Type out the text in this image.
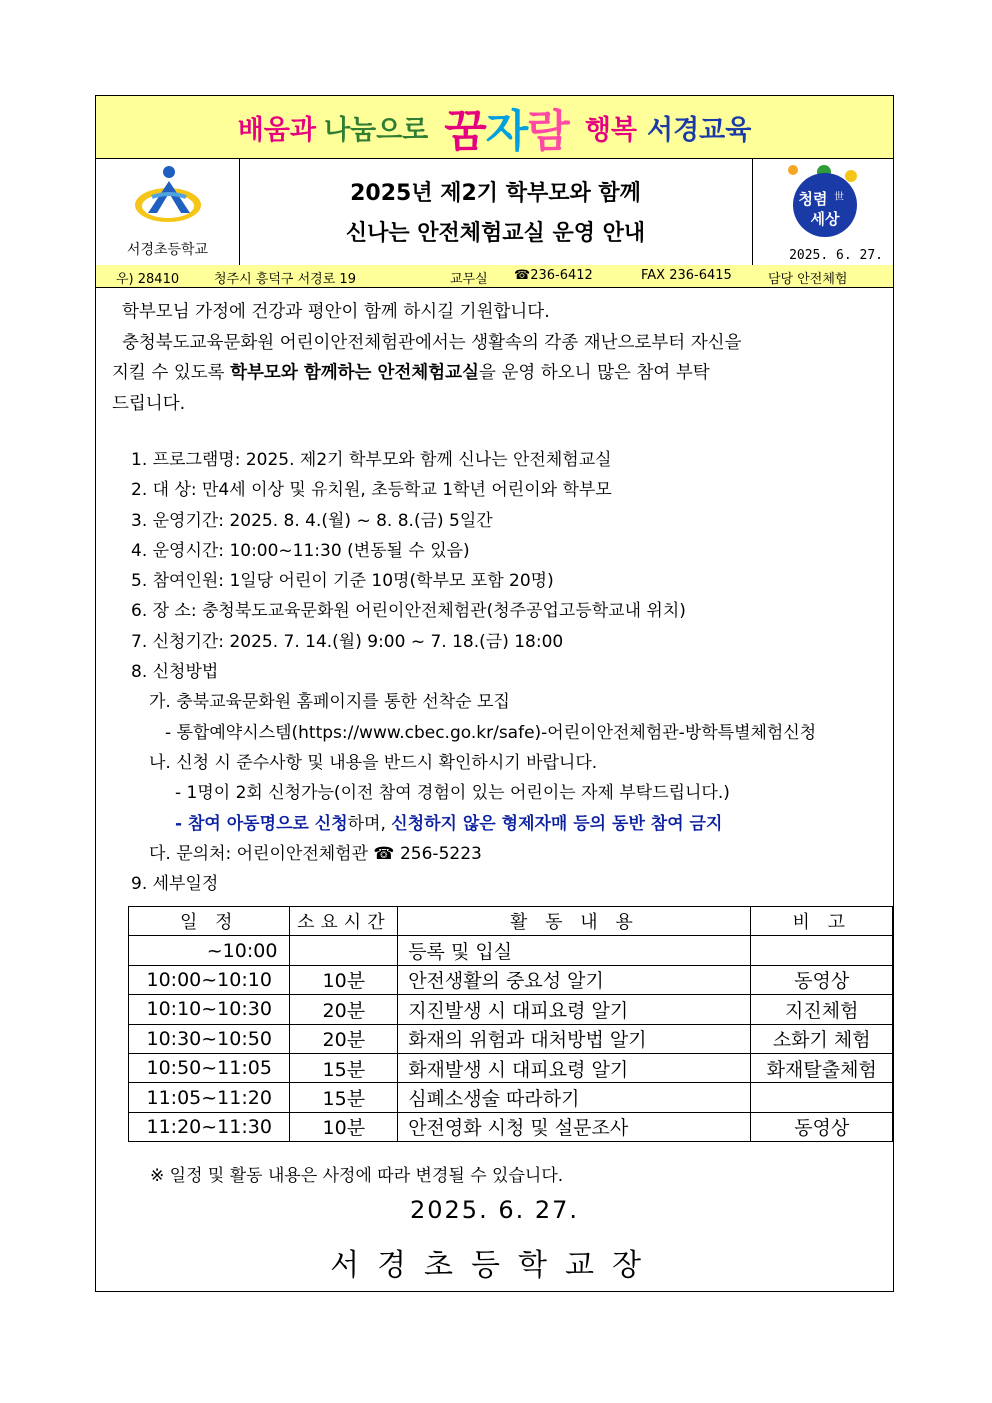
배움과 나눔으로 꿈자람 행복 서경교육
서경초등학교
2025년 제2기 학부모와 함께
신나는 안전체험교실 운영 안내
청렴 世
세상
2025. 6. 27.
우) 28410	청주시 흥덕구 서경로 19	교무실 ☎236-6412	FAX 236-6415	담당 안전체험
학부모님 가정에 건강과 평안이 함께 하시길 기원합니다.
충청북도교육문화원 어린이안전체험관에서는 생활속의 각종 재난으로부터 자신을
지킬 수 있도록 학부모와 함께하는 안전체험교실을 운영 하오니 많은 참여 부탁
드립니다.
1. 프로그램명: 2025. 제2기 학부모와 함께 신나는 안전체험교실
2. 대 상: 만4세 이상 및 유치원, 초등학교 1학년 어린이와 학부모
3. 운영기간: 2025. 8. 4.(월) ~ 8. 8.(금) 5일간
4. 운영시간: 10:00~11:30 (변동될 수 있음)
5. 참여인원: 1일당 어린이 기준 10명(학부모 포함 20명)
6. 장 소: 충청북도교육문화원 어린이안전체험관(청주공업고등학교내 위치)
7. 신청기간: 2025. 7. 14.(월) 9:00 ~ 7. 18.(금) 18:00
8. 신청방법
가. 충북교육문화원 홈페이지를 통한 선착순 모집
- 통합예약시스템(https://www.cbec.go.kr/safe)-어린이안전체험관-방학특별체험신청
나. 신청 시 준수사항 및 내용을 반드시 확인하시기 바랍니다.
- 1명이 2회 신청가능(이전 참여 경험이 있는 어린이는 자제 부탁드립니다.)
- 참여 아동명으로 신청하며, 신청하지 않은 형제자매 등의 동반 참여 금지
다. 문의처: 어린이안전체험관 ☎ 256-5223
9. 세부일정
일 정	소요시간	활 동 내 용	비 고
~10:00		등록 및 입실	
10:00~10:10	10분	안전생활의 중요성 알기	동영상
10:10~10:30	20분	지진발생 시 대피요령 알기	지진체험
10:30~10:50	20분	화재의 위험과 대처방법 알기	소화기 체험
10:50~11:05	15분	화재발생 시 대피요령 알기	화재탈출체험
11:05~11:20	15분	심폐소생술 따라하기	
11:20~11:30	10분	안전영화 시청 및 설문조사	동영상
※ 일정 및 활동 내용은 사정에 따라 변경될 수 있습니다.
2025. 6. 27.
서경초등학교장
